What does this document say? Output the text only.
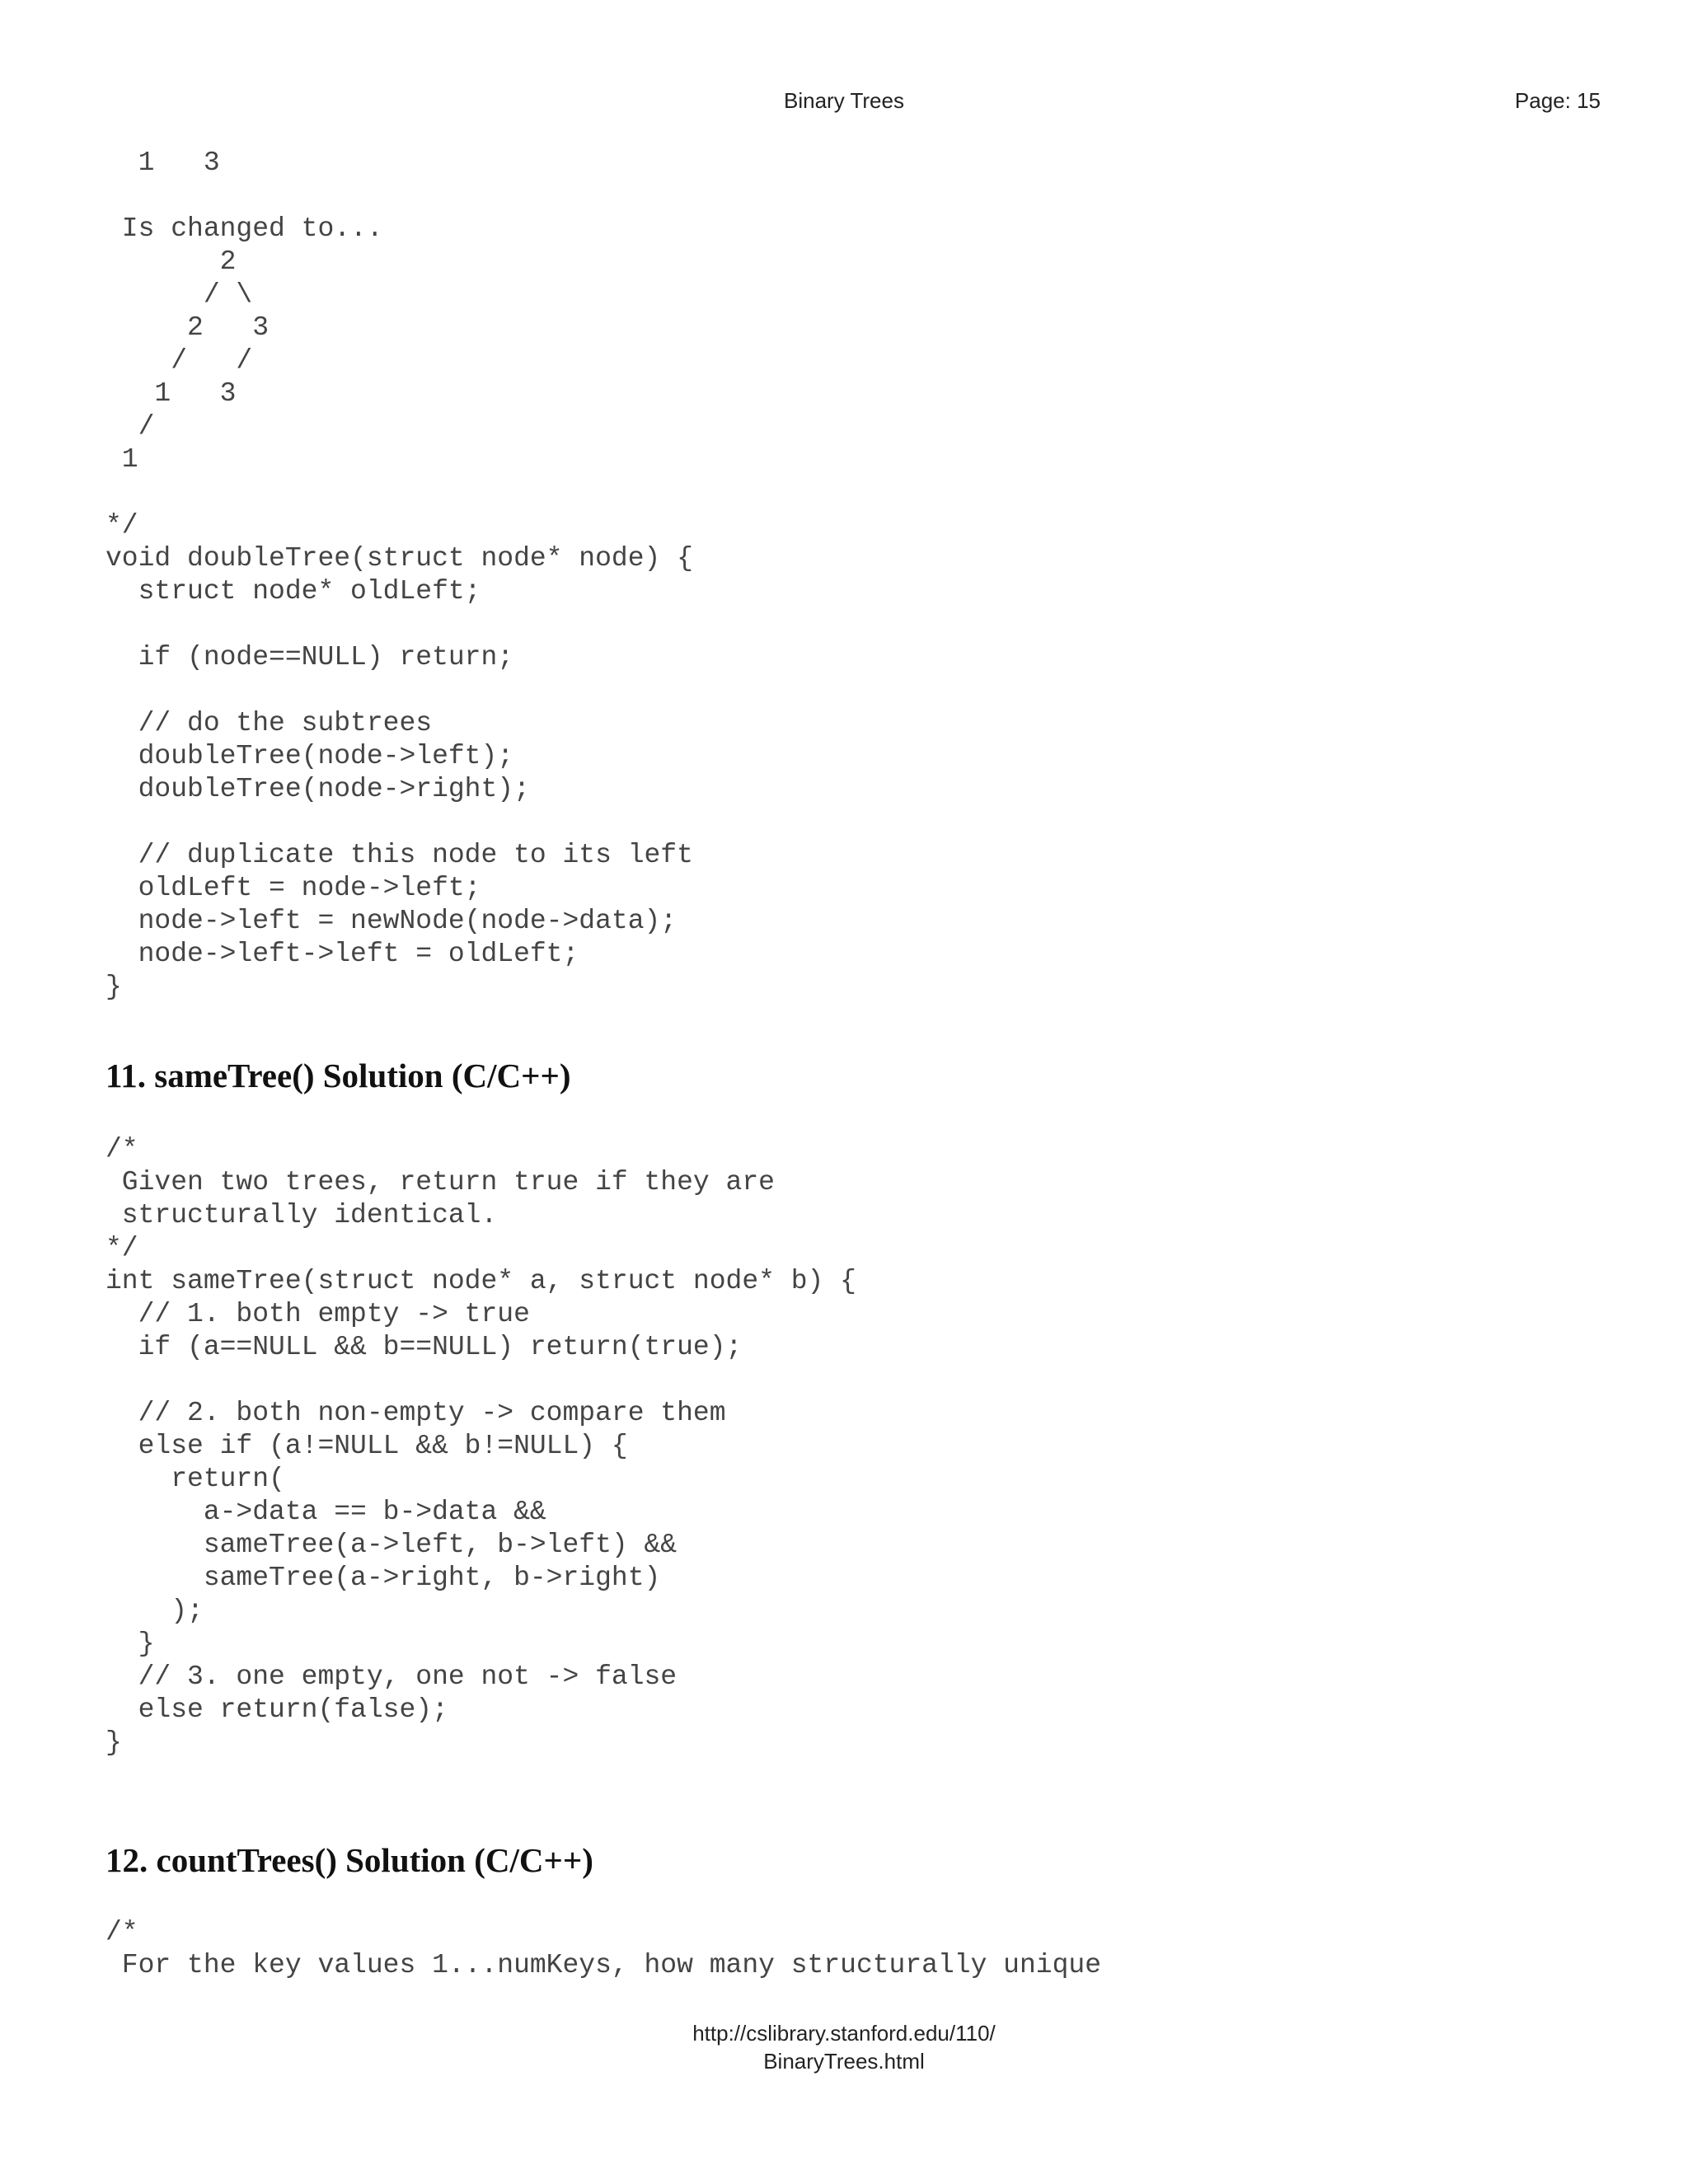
Binary Trees	Page: 15
1   3
Is changed to...
2
/ \
2   3
/   /
1   3
/
1
*/
void doubleTree(struct node* node) {
struct node* oldLeft;
if (node==NULL) return;
// do the subtrees
doubleTree(node->left);
doubleTree(node->right);
// duplicate this node to its left
oldLeft = node->left;
node->left = newNode(node->data);
node->left->left = oldLeft;
}
11. sameTree() Solution (C/C++)
/*
Given two trees, return true if they are
structurally identical.
*/
int sameTree(struct node* a, struct node* b) {
// 1. both empty -> true
if (a==NULL && b==NULL) return(true);
// 2. both non-empty -> compare them
else if (a!=NULL && b!=NULL) {
return(
a->data == b->data &&
sameTree(a->left, b->left) &&
sameTree(a->right, b->right)
);
}
// 3. one empty, one not -> false
else return(false);
}
12. countTrees() Solution (C/C++)
/*
For the key values 1...numKeys, how many structurally unique
http://cslibrary.stanford.edu/110/
BinaryTrees.html
